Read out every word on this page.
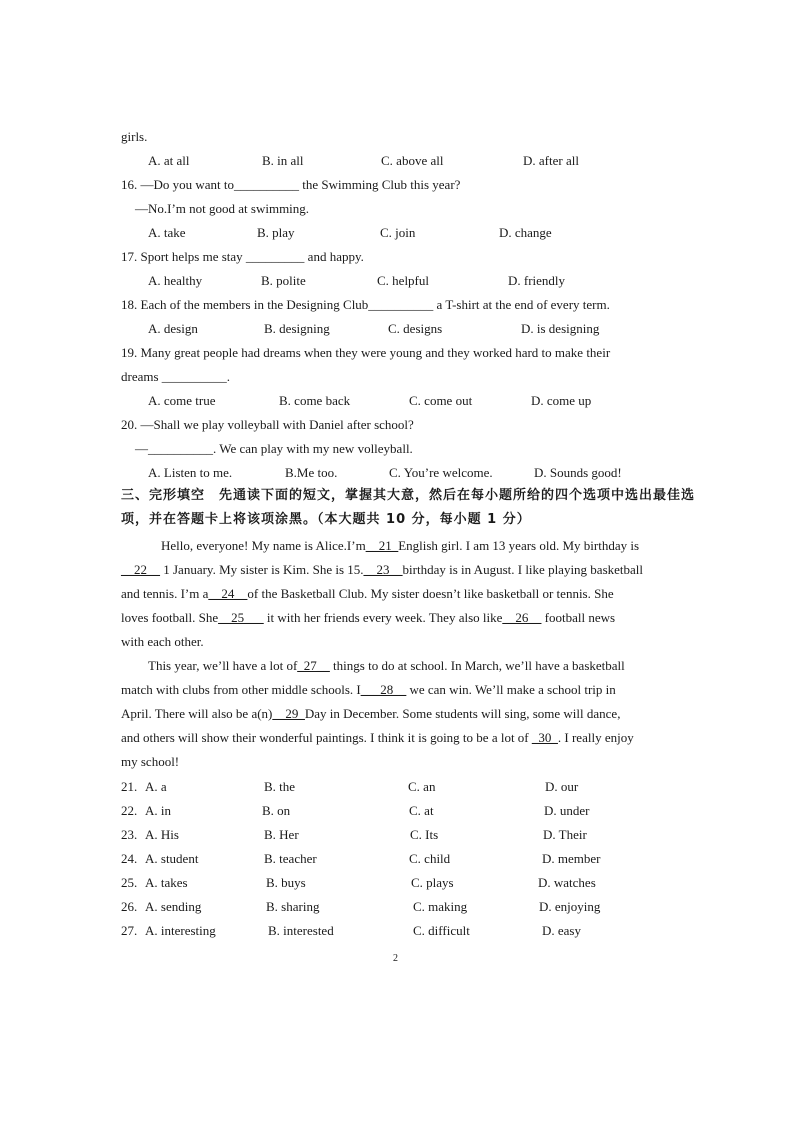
girls.
A. at all	B. in all	C. above all	D. after all
16. —Do you want to__________ the Swimming Club this year?
—No.I’m not good at swimming.
A. take	B. play	C. join	D. change
17. Sport helps me stay _________ and happy.
A. healthy	B. polite	C. helpful	D. friendly
18. Each of the members in the Designing Club__________ a T-shirt at the end of every term.
A. design	B. designing	C. designs	D. is designing
19. Many great people had dreams when they were young and they worked hard to make their
dreams __________.
A. come true	B. come back	C. come out	D. come up
20. —Shall we play volleyball with Daniel after school?
—__________. We can play with my new volleyball.
A. Listen to me.	B.Me too.	C. You’re welcome.	D. Sounds good!
三、完形填空　先通读下面的短文，掌握其大意，然后在每小题所给的四个选项中选出最佳选
项，并在答题卡上将该项涂黑。（本大题共 10 分，每小题 1 分）
Hello, everyone! My name is Alice.I’m__21_English girl. I am 13 years old. My birthday is
__22__ 1 January. My sister is Kim. She is 15.__23__birthday is in August. I like playing basketball
and tennis. I’m a__24__of the Basketball Club. My sister doesn’t like basketball or tennis. She
loves football. She__25___ it with her friends every week. They also like__26__ football news
with each other.
This year, we’ll have a lot of_27__ things to do at school. In March, we’ll have a basketball
match with clubs from other middle schools. I___28__ we can win. We’ll make a school trip in
April. There will also be a(n)__29_Day in December. Some students will sing, some will dance,
and others will show their wonderful paintings. I think it is going to be a lot of _30_. I really enjoy
my school!
21. A. a	B. the	C. an	D. our
22. A. in	B. on	C. at	D. under
23. A. His	B. Her	C. Its	D. Their
24. A. student	B. teacher	C. child	D. member
25. A. takes	B. buys	C. plays	D. watches
26. A. sending	B. sharing	C. making	D. enjoying
27. A. interesting	B. interested	C. difficult	D. easy
2
